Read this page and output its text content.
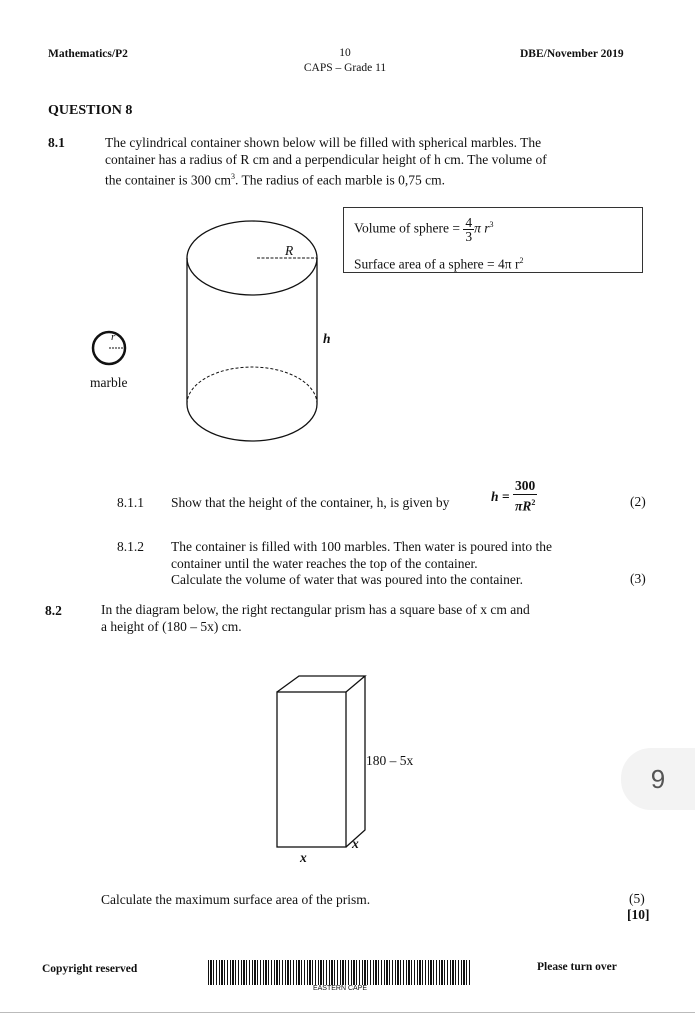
Mathematics/P2	10
CAPS – Grade 11
DBE/November 2019
QUESTION 8
8.1	The cylindrical container shown below will be filled with spherical marbles. The
container has a radius of R cm and a perpendicular height of h cm. The volume of
the container is 300 $cm^3$. The radius of each marble is 0,75 cm.
Volume of sphere = $\frac{4}{3}$ π $r^3$
Surface area of a sphere = 4π $r^2$
R
h
r
marble
8.1.1 Show that the height of the container, h, is given by	$h = \frac{300}{\pi R^2}$	(2)
8.1.2 The container is filled with 100 marbles. Then water is poured into the
container until the water reaches the top of the container.
Calculate the volume of water that was poured into the container.	(3)
8.2	In the diagram below, the right rectangular prism has a square base of x cm and
a height of (180 – 5x) cm.
180 – 5x
x
x
Calculate the maximum surface area of the prism.	(5)
[10]
Copyright reserved
EASTERN CAPE
Please turn over
9
